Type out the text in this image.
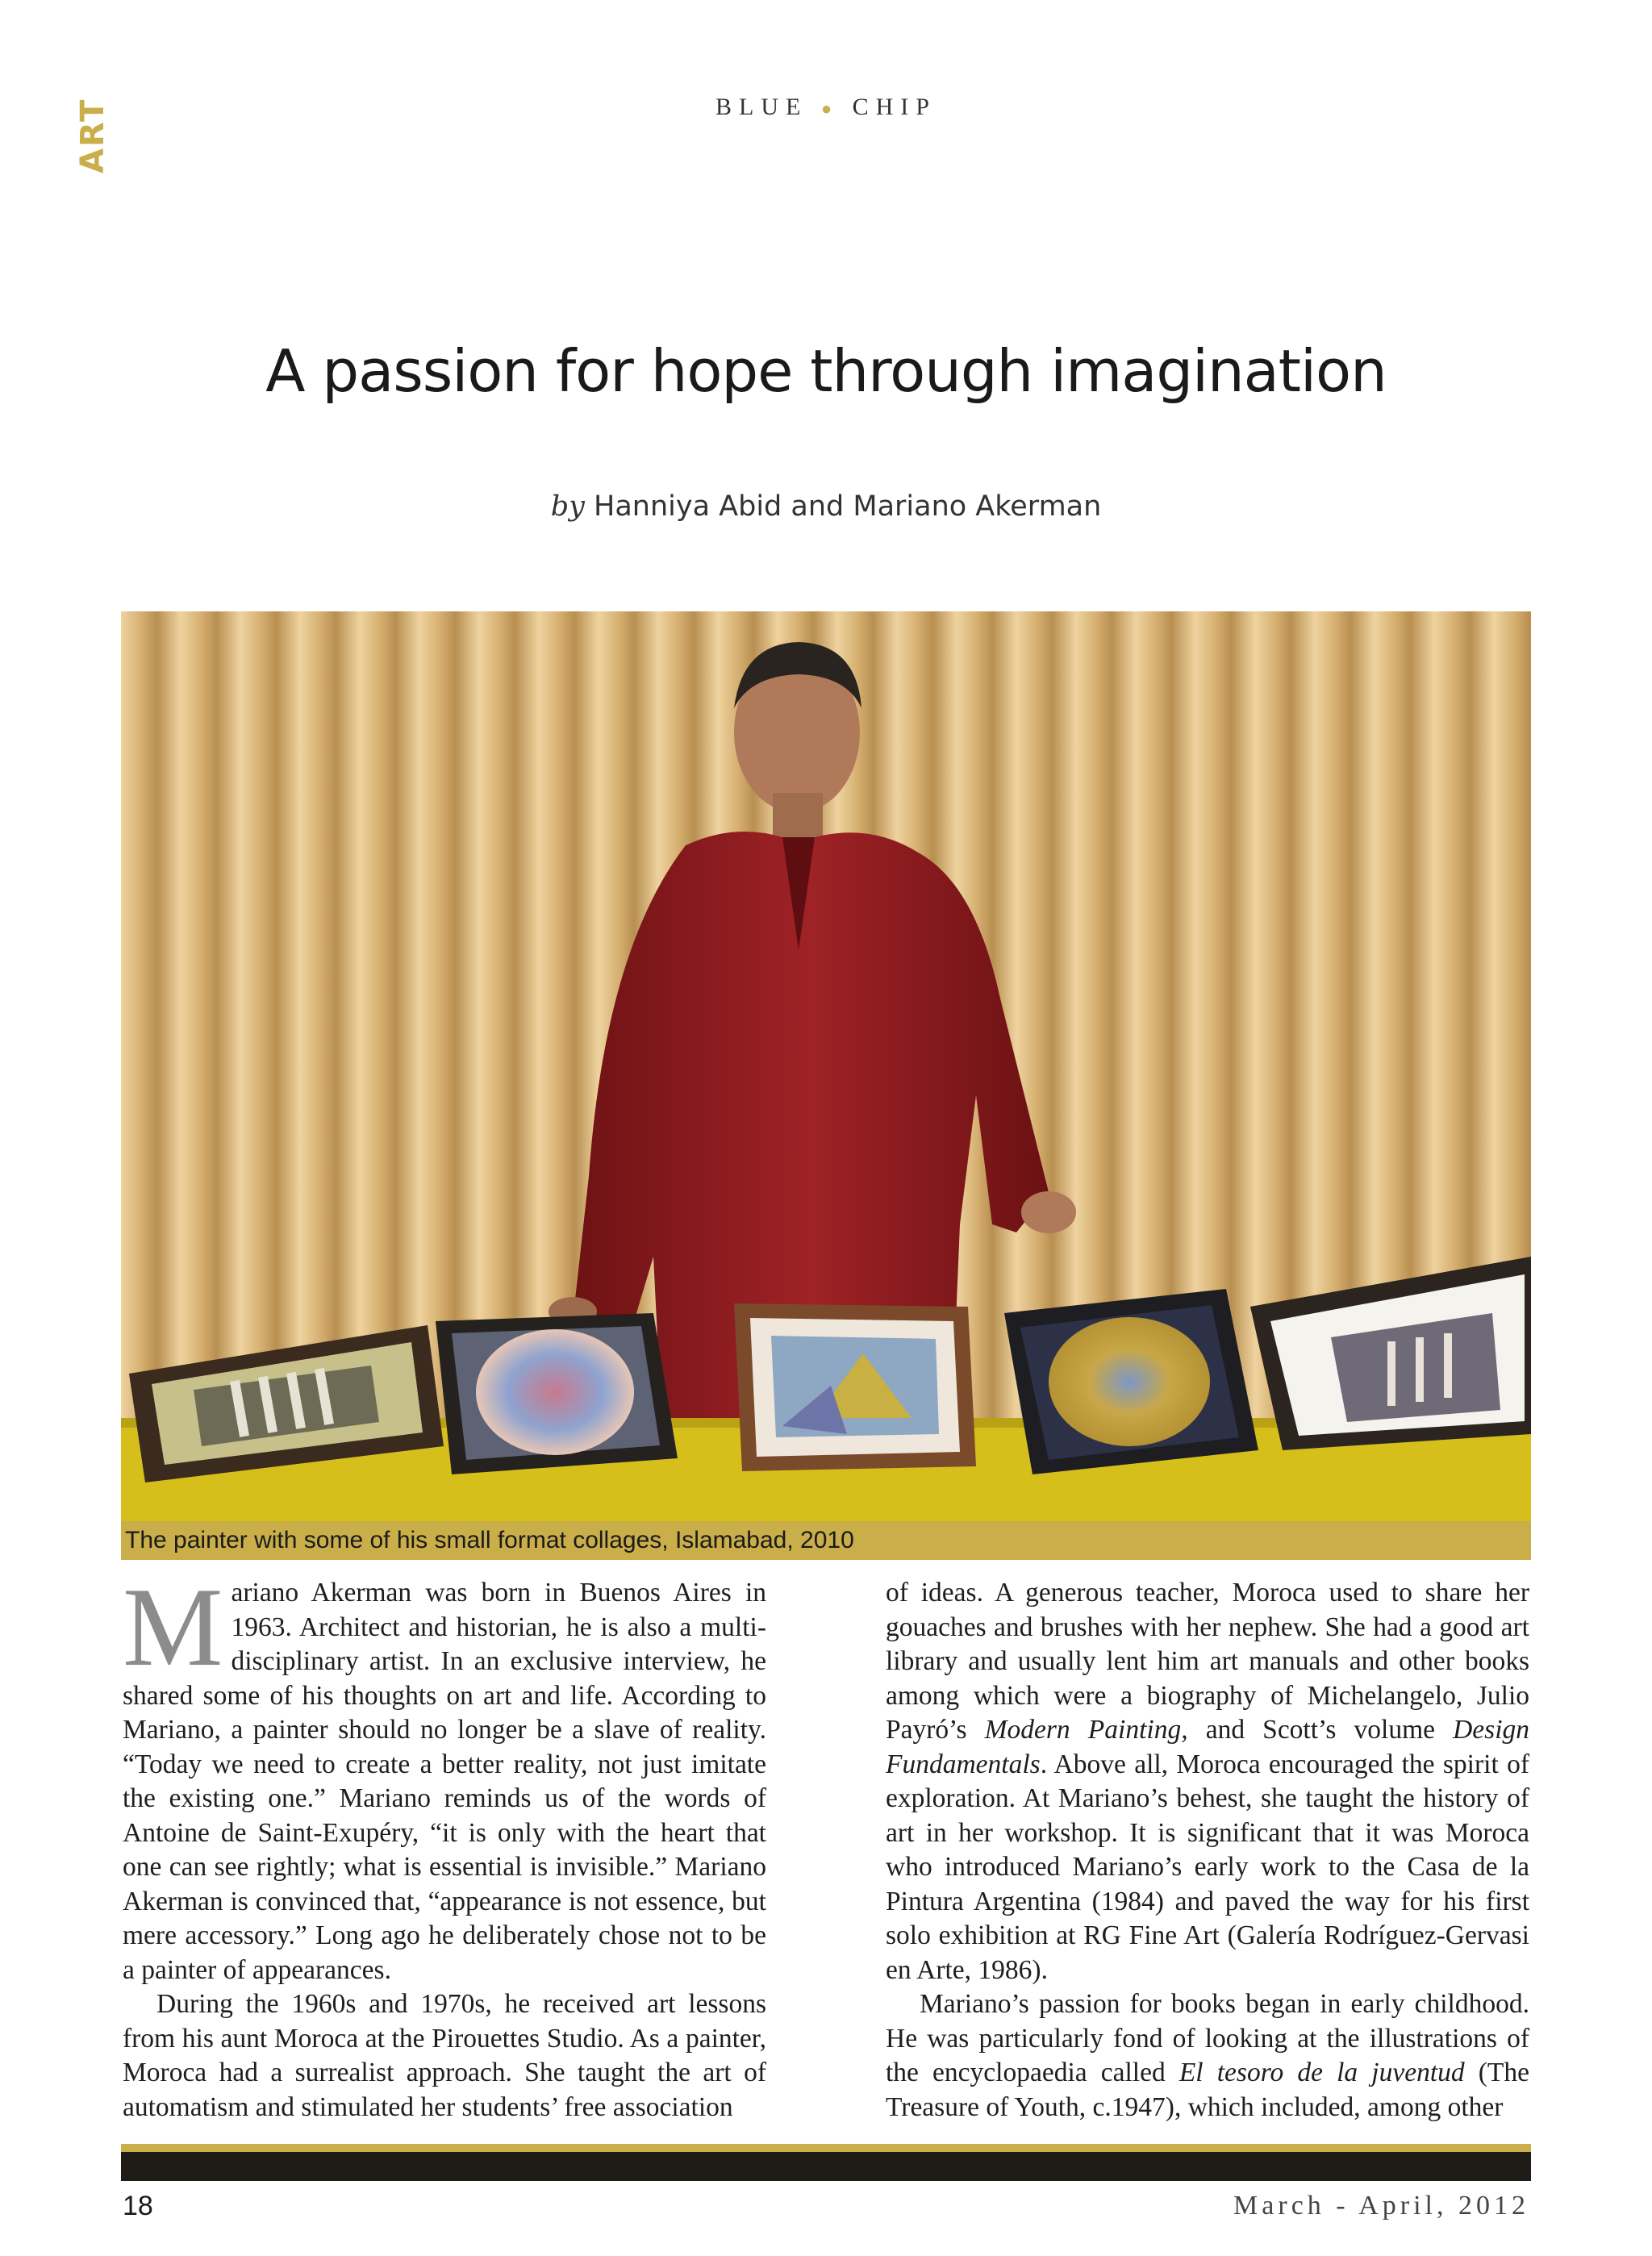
ART	BLUE ● CHIP
A passion for hope through imagination
by Hanniya Abid and Mariano Akerman
The painter with some of his small format collages, Islamabad, 2010

Mariano Akerman was born in Buenos Aires in 1963. Architect and historian, he is also a multi-disciplinary artist. In an exclusive interview, he shared some of his thoughts on art and life. According to Mariano, a painter should no longer be a slave of reality. “Today we need to create a better reality, not just imitate the existing one.” Mariano reminds us of the words of Antoine de Saint-Exupéry, “it is only with the heart that one can see rightly; what is essential is invisible.” Mariano Akerman is convinced that, “appearance is not essence, but mere accessory.” Long ago he deliberately chose not to be a painter of appearances.

During the 1960s and 1970s, he received art lessons from his aunt Moroca at the Pirouettes Studio. As a painter, Moroca had a surrealist approach. She taught the art of automatism and stimulated her students’ free association

of ideas. A generous teacher, Moroca used to share her gouaches and brushes with her nephew. She had a good art library and usually lent him art manuals and other books among which were a biography of Michelangelo, Julio Payró’s Modern Painting, and Scott’s volume Design Fundamentals. Above all, Moroca encouraged the spirit of exploration. At Mariano’s behest, she taught the history of art in her workshop. It is significant that it was Moroca who introduced Mariano’s early work to the Casa de la Pintura Argentina (1984) and paved the way for his first solo exhibition at RG Fine Art (Galería Rodríguez-Gervasi en Arte, 1986).

Mariano’s passion for books began in early childhood. He was particularly fond of looking at the illustrations of the encyclopaedia called El tesoro de la juventud (The Treasure of Youth, c.1947), which included, among other

18	March - April, 2012
